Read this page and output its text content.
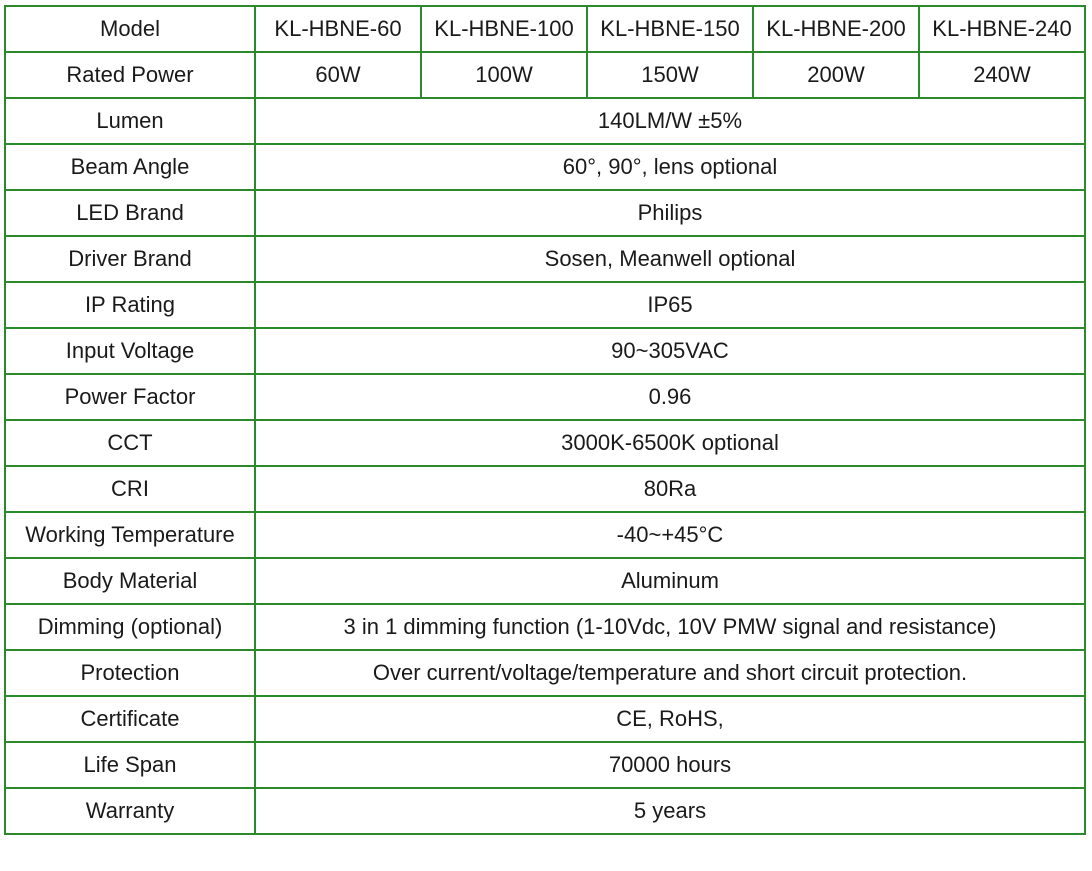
Model	KL-HBNE-60	KL-HBNE-100	KL-HBNE-150	KL-HBNE-200	KL-HBNE-240
Rated Power	60W	100W	150W	200W	240W
Lumen	140LM/W ±5%				
Beam Angle	60°, 90°, lens optional				
LED Brand	Philips				
Driver Brand	Sosen, Meanwell optional				
IP Rating	IP65				
Input Voltage	90~305VAC				
Power Factor	0.96				
CCT	3000K-6500K optional				
CRI	80Ra				
Working Temperature	-40~+45°C				
Body Material	Aluminum				
Dimming (optional)	3 in 1 dimming function (1-10Vdc, 10V PMW signal and resistance)				
Protection	Over current/voltage/temperature and short circuit protection.				
Certificate	CE, RoHS,				
Life Span	70000 hours				
Warranty	5 years				
